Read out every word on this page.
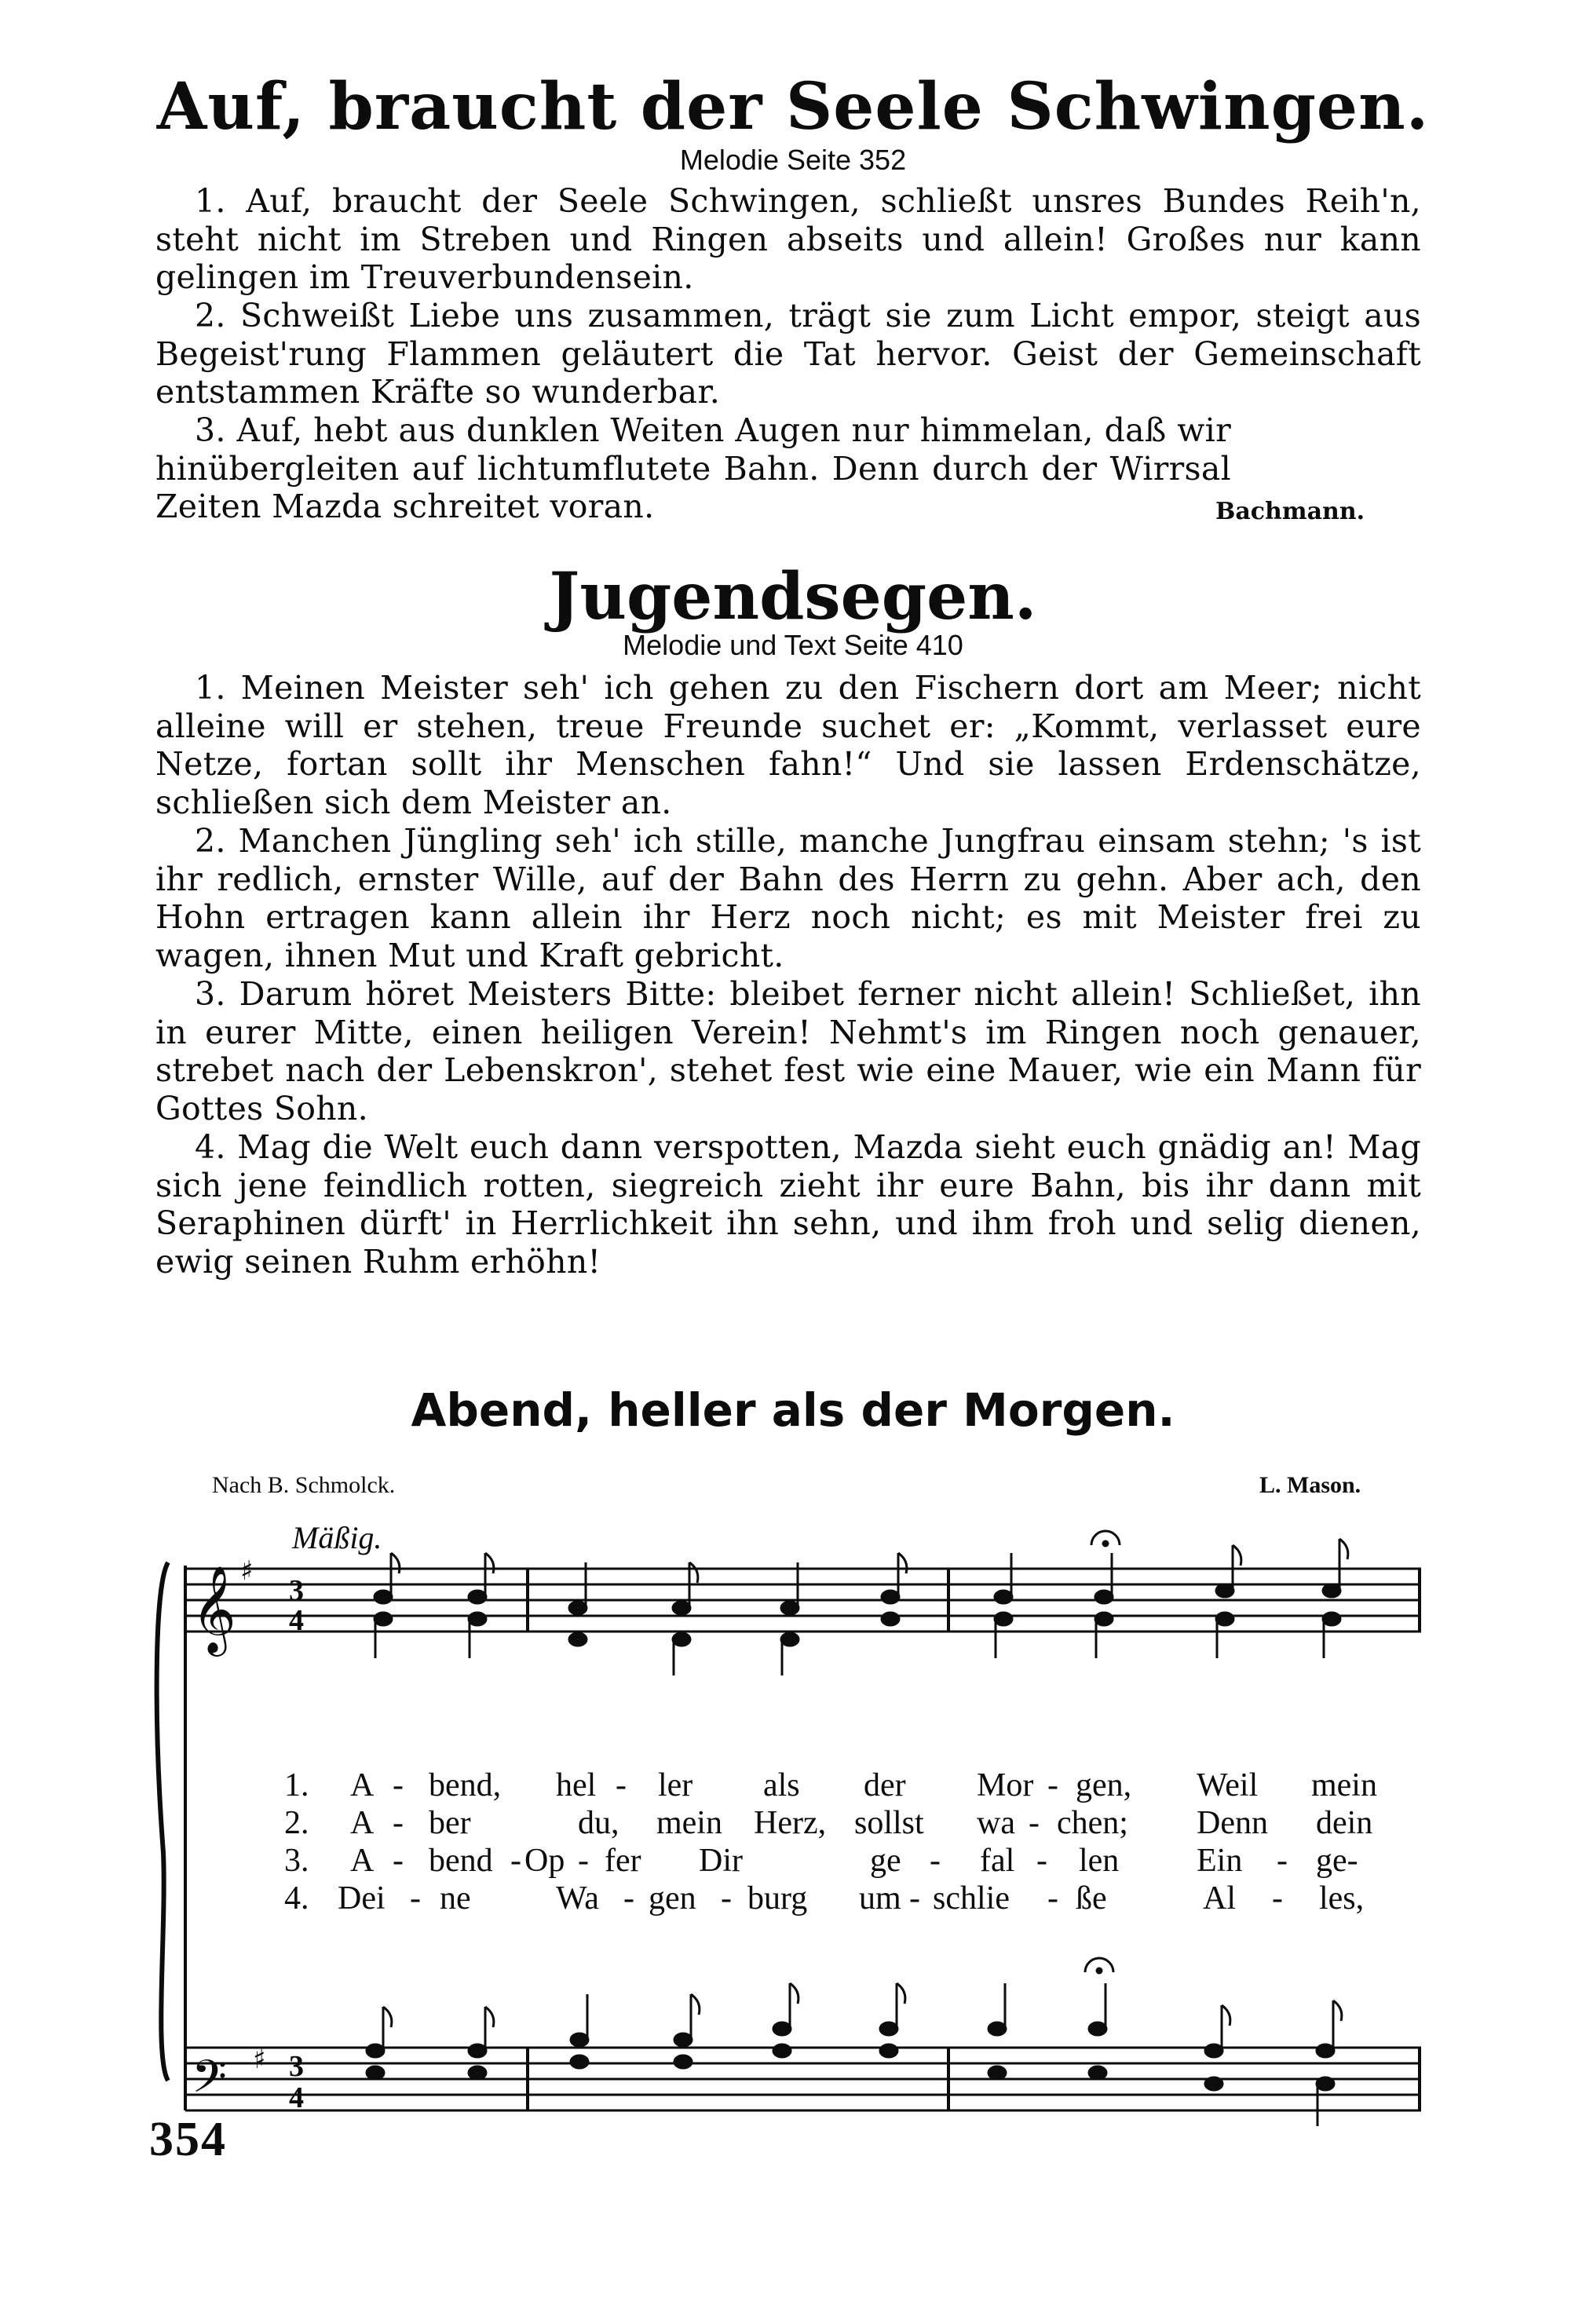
Auf, braucht der Seele Schwingen.

Melodie Seite 352

1. Auf, braucht der Seele Schwingen, schließt unsres Bundes Reih'n, steht nicht im Streben und Ringen abseits und allein! Großes nur kann gelingen im Treuverbundensein.

2. Schweißt Liebe uns zusammen, trägt sie zum Licht empor, steigt aus Begeist'rung Flammen geläutert die Tat hervor. Geist der Gemeinschaft entstammen Kräfte so wunderbar.

3. Auf, hebt aus dunklen Weiten Augen nur himmelan, daß wir hinübergleiten auf lichtumflutete Bahn. Denn durch der Wirrsal Zeiten Mazda schreitet voran.	Bachmann.
Jugendsegen.

Melodie und Text Seite 410

1. Meinen Meister seh' ich gehen zu den Fischern dort am Meer; nicht alleine will er stehen, treue Freunde suchet er: „Kommt, verlasset eure Netze, fortan sollt ihr Menschen fahn!“ Und sie lassen Erdenschätze, schließen sich dem Meister an.

2. Manchen Jüngling seh' ich stille, manche Jungfrau einsam stehn; 's ist ihr redlich, ernster Wille, auf der Bahn des Herrn zu gehn. Aber ach, den Hohn ertragen kann allein ihr Herz noch nicht; es mit Meister frei zu wagen, ihnen Mut und Kraft gebricht.

3. Darum höret Meisters Bitte: bleibet ferner nicht allein! Schließet, ihn in eurer Mitte, einen heiligen Verein! Nehmt's im Ringen noch genauer, strebet nach der Lebenskron', stehet fest wie eine Mauer, wie ein Mann für Gottes Sohn.

4. Mag die Welt euch dann verspotten, Mazda sieht euch gnädig an! Mag sich jene feindlich rotten, siegreich zieht ihr eure Bahn, bis ihr dann mit Seraphinen dürft' in Herrlichkeit ihn sehn, und ihm froh und selig dienen, ewig seinen Ruhm erhöhn!

Abend, heller als der Morgen.
Nach B. Schmolck.	L. Mason.
Mäßig.
𝄞 ♯
3
4
𝄢 ♯ 3
4
1. A - bend, hel - ler als der Mor - gen, Weil mein
2. A - ber	du, mein Herz, sollst wa - chen; Denn dein
3. A - bend - Op - fer Dir	ge - fal - len Ein - ge-
4. Dei - ne	Wa - gen - burg um - schlie - ße	Al - les,
354
